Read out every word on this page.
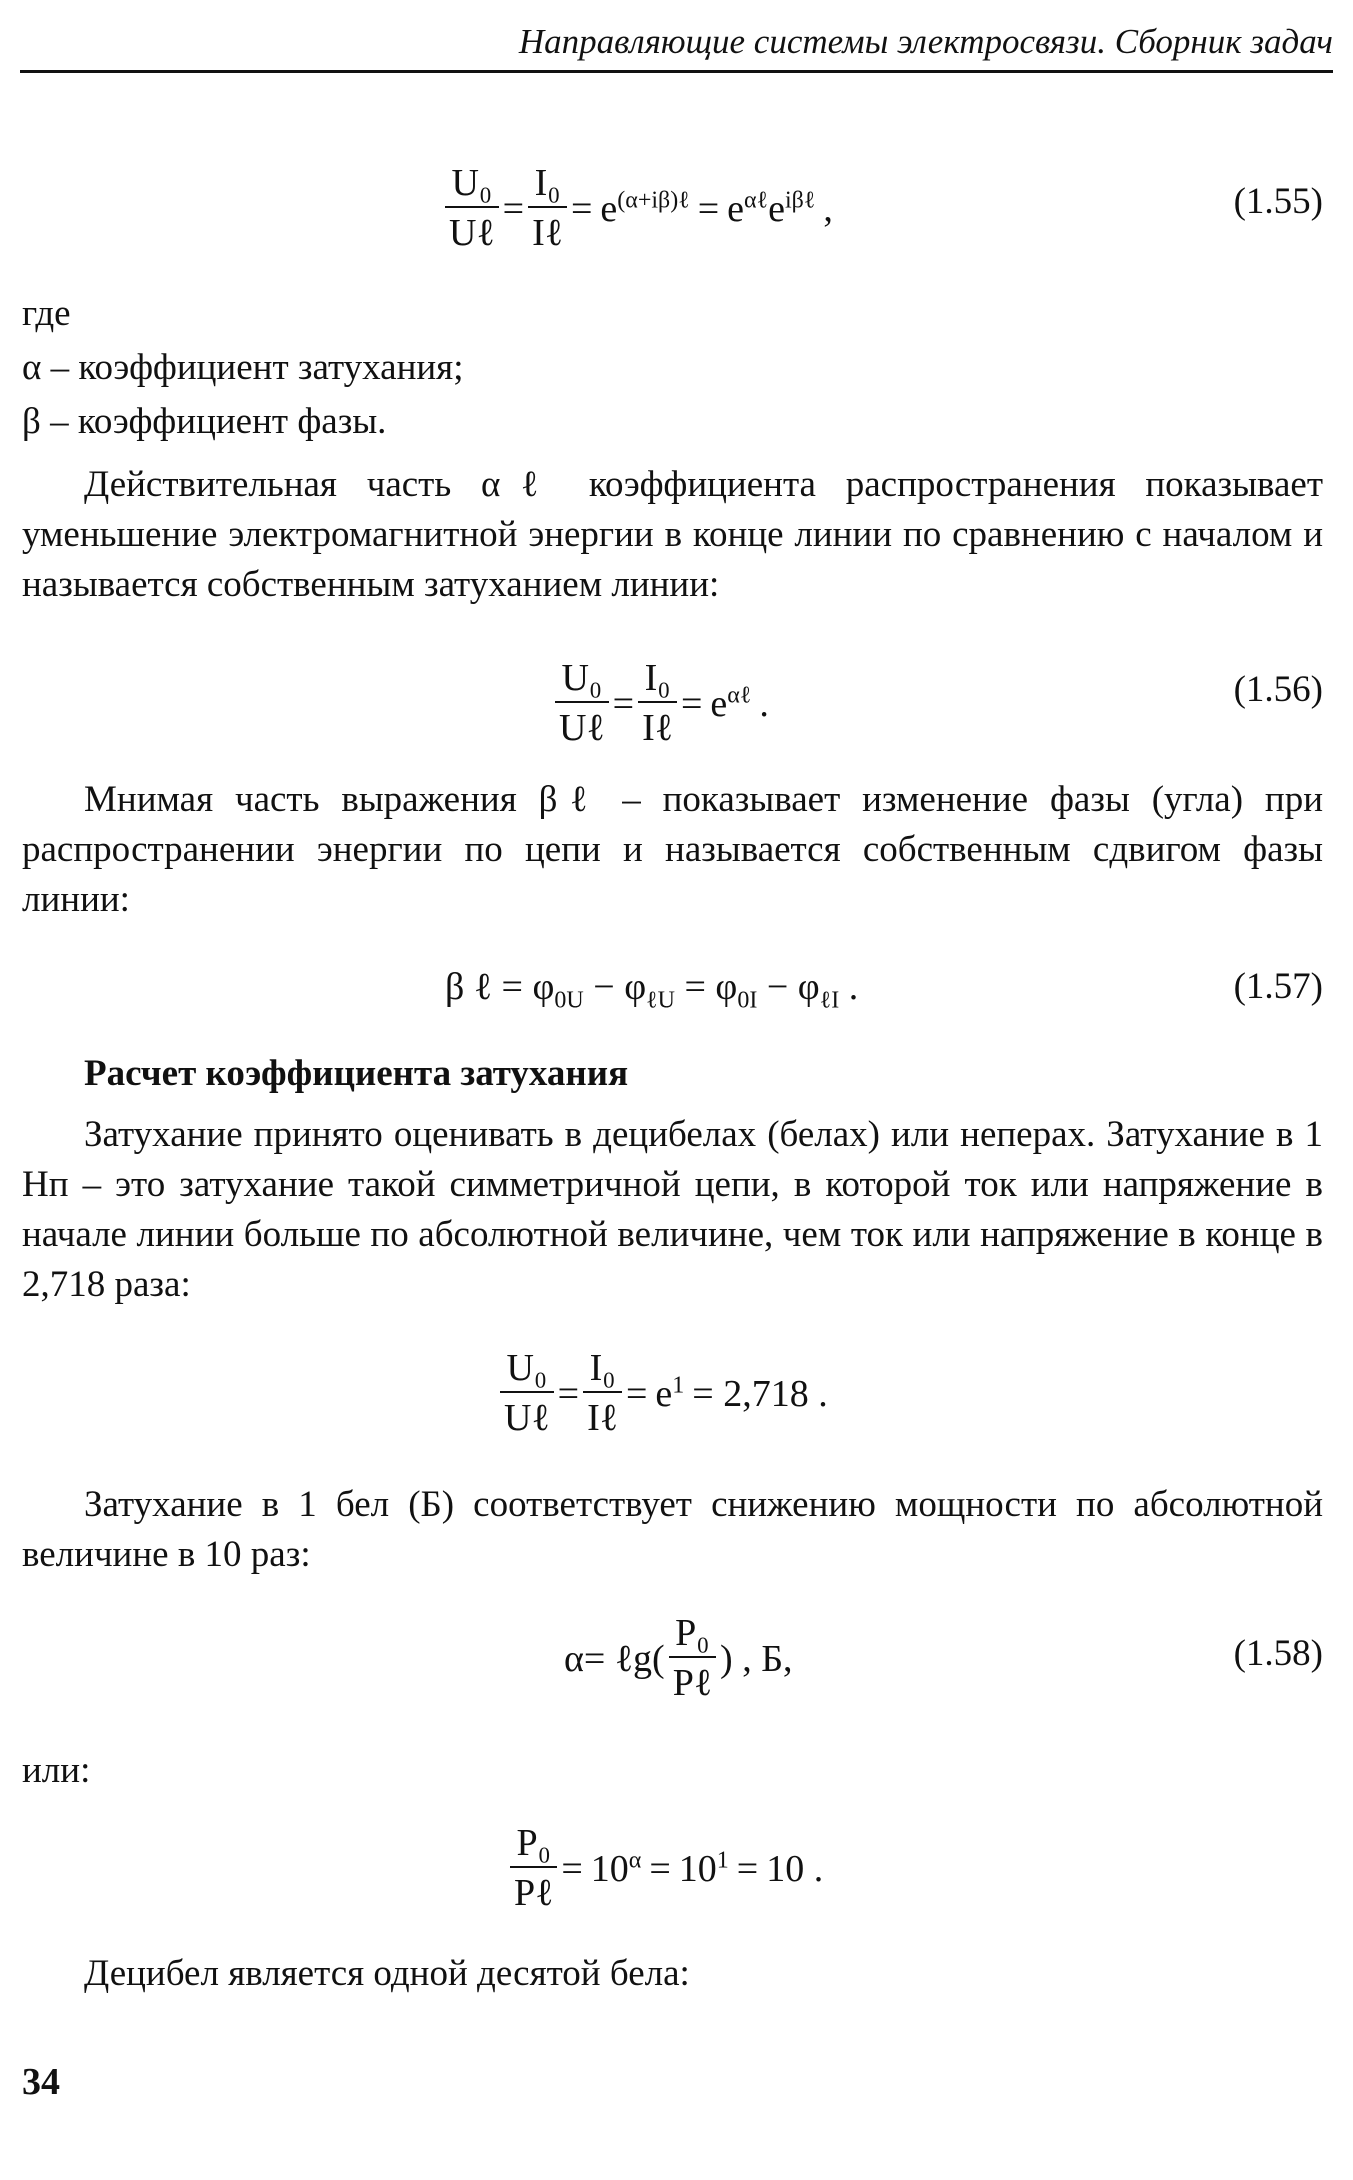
Направляющие системы электросвязи. Сборник задач
$\frac{\text{U₀}}{\text{Uℓ}} = \frac{\text{I₀}}{\text{Iℓ}} = e^{(\alpha+i\beta)\ell} = e^{\alpha\ell}e^{i\beta\ell}$ ,	(1.55)
где
α – коэффициент затухания;
β – коэффициент фазы.
Действительная часть αℓ коэффициента распространения показывает уменьшение электромагнитной энергии в конце линии по сравнению с началом и называется собственным затуханием линии:
$\frac{\text{U₀}}{\text{Uℓ}} = \frac{\text{I₀}}{\text{Iℓ}} = e^{\alpha\ell}$ .	(1.56)
Мнимая часть выражения βℓ – показывает изменение фазы (угла) при распространении энергии по цепи и называется собственным сдвигом фазы линии:
β ℓ = $\varphi_{0U} - \varphi_{\ell U} = \varphi_{0I} - \varphi_{\ell I}$ .	(1.57)
Расчет коэффициента затухания
Затухание принято оценивать в децибелах (белах) или неперах. Затухание в 1 Нп – это затухание такой симметричной цепи, в которой ток или напряжение в начале линии больше по абсолютной величине, чем ток или напряжение в конце в 2,718 раза:
$\frac{\text{U₀}}{\text{Uℓ}} = \frac{\text{I₀}}{\text{Iℓ}} = e^1 = 2,718$ .
Затухание в 1 бел (Б) соответствует снижению мощности по абсолютной величине в 10 раз:
α= ℓg( $\frac{\text{P₀}}{\text{Pℓ}}$ ) , Б,	(1.58)
или:
$\frac{\text{P₀}}{\text{Pℓ}} = 10^\alpha = 10^1 = 10$ .
Децибел является одной десятой бела:
34
